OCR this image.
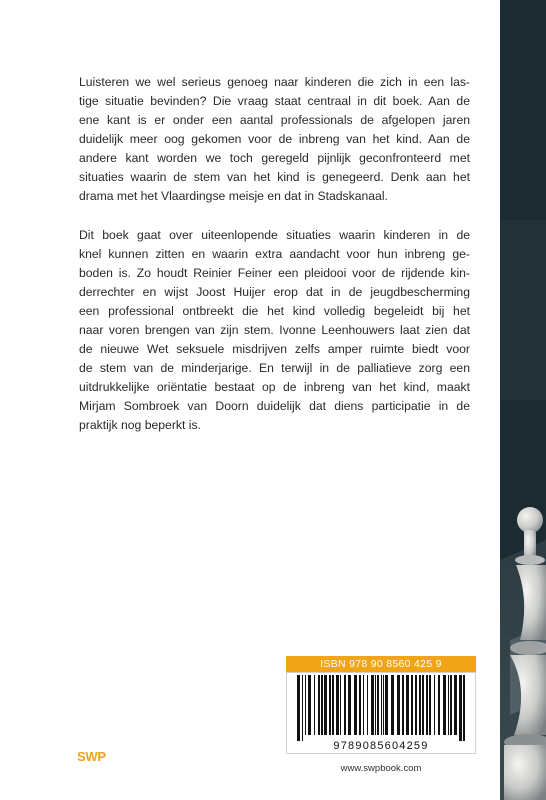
Luisteren we wel serieus genoeg naar kinderen die zich in een las-
tige situatie bevinden? Die vraag staat centraal in dit boek. Aan de
ene kant is er onder een aantal professionals de afgelopen jaren
duidelijk meer oog gekomen voor de inbreng van het kind. Aan de
andere kant worden we toch geregeld pijnlijk geconfronteerd met
situaties waarin de stem van het kind is genegeerd. Denk aan het
drama met het Vlaardingse meisje en dat in Stadskanaal.
Dit boek gaat over uiteenlopende situaties waarin kinderen in de
knel kunnen zitten en waarin extra aandacht voor hun inbreng ge-
boden is. Zo houdt Reinier Feiner een pleidooi voor de rijdende kin-
derrechter en wijst Joost Huijer erop dat in de jeugdbescherming
een professional ontbreekt die het kind volledig begeleidt bij het
naar voren brengen van zijn stem. Ivonne Leenhouwers laat zien dat
de nieuwe Wet seksuele misdrijven zelfs amper ruimte biedt voor
de stem van de minderjarige. En terwijl in de palliatieve zorg een
uitdrukkelijke oriëntatie bestaat op de inbreng van het kind, maakt
Mirjam Sombroek van Doorn duidelijk dat diens participatie in de
praktijk nog beperkt is.
ISBN 978 90 8560 425 9
9789085604259
www.swpbook.com
SWP
